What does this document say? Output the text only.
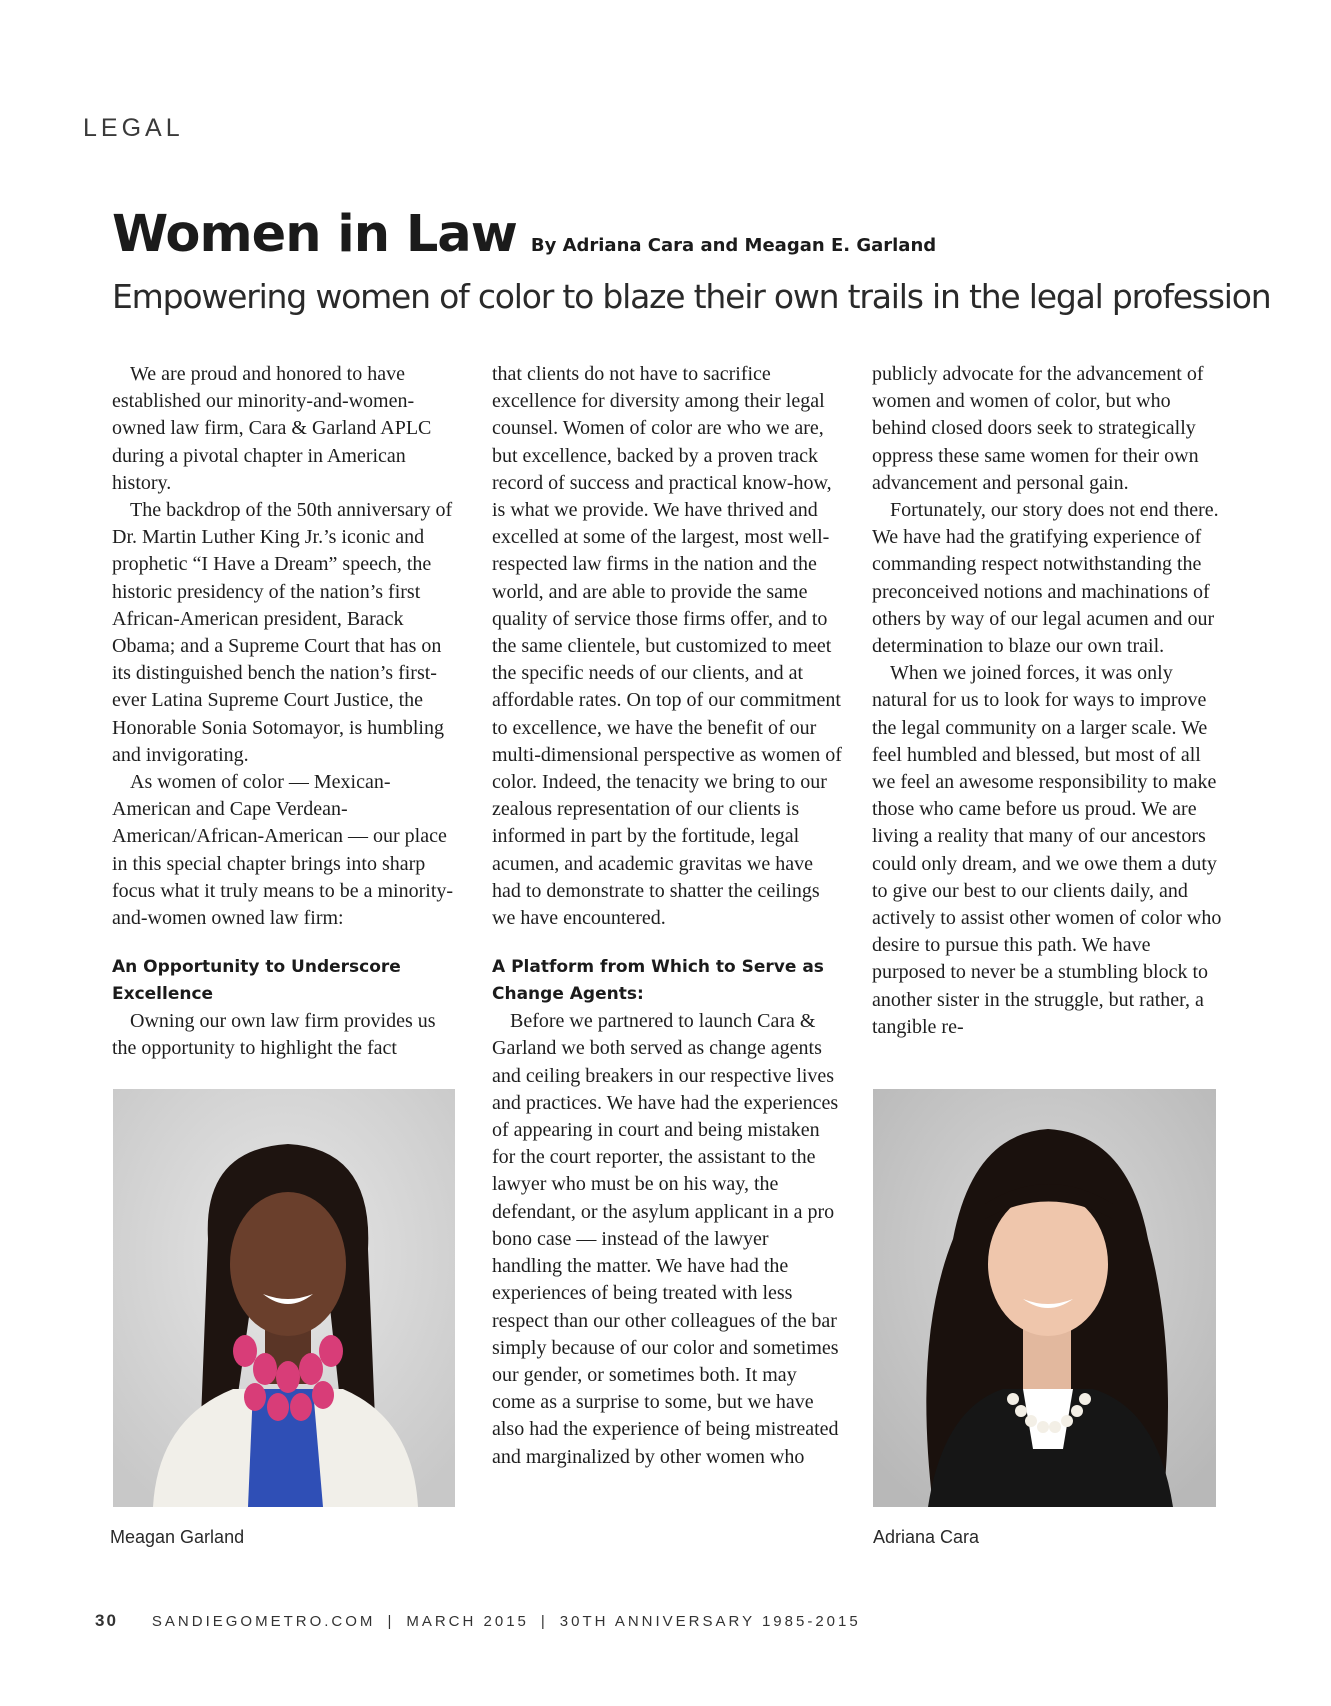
LEGAL
Women in Law By Adriana Cara and Meagan E. Garland
Empowering women of color to blaze their own trails in the legal profession

We are proud and honored to have established our minority-and-women-owned law firm, Cara & Garland APLC during a pivotal chapter in American history.

The backdrop of the 50th anniversary of Dr. Martin Luther King Jr.’s iconic and prophetic “I Have a Dream” speech, the historic presidency of the nation’s first African-American president, Barack Obama; and a Supreme Court that has on its distinguished bench the nation’s first-ever Latina Supreme Court Justice, the Honorable Sonia Sotomayor, is humbling and invigorating.

As women of color — Mexican-American and Cape Verdean-American/African-American — our place in this special chapter brings into sharp focus what it truly means to be a minority-and-women owned law firm:

An Opportunity to Underscore Excellence

Owning our own law firm provides us the opportunity to highlight the fact

that clients do not have to sacrifice excellence for diversity among their legal counsel. Women of color are who we are, but excellence, backed by a proven track record of success and practical know-how, is what we provide. We have thrived and excelled at some of the largest, most well-respected law firms in the nation and the world, and are able to provide the same quality of service those firms offer, and to the same clientele, but customized to meet the specific needs of our clients, and at affordable rates. On top of our commitment to excellence, we have the benefit of our multi-dimensional perspective as women of color. Indeed, the tenacity we bring to our zealous representation of our clients is informed in part by the fortitude, legal acumen, and academic gravitas we have had to demonstrate to shatter the ceilings we have encountered.

A Platform from Which to Serve as Change Agents:

Before we partnered to launch Cara & Garland we both served as change agents and ceiling breakers in our respective lives and practices. We have had the experiences of appearing in court and being mistaken for the court reporter, the assistant to the lawyer who must be on his way, the defendant, or the asylum applicant in a pro bono case — instead of the lawyer handling the matter. We have had the experiences of being treated with less respect than our other colleagues of the bar simply because of our color and sometimes our gender, or sometimes both. It may come as a surprise to some, but we have also had the experience of being mistreated and marginalized by other women who

publicly advocate for the advancement of women and women of color, but who behind closed doors seek to strategically oppress these same women for their own advancement and personal gain.

Fortunately, our story does not end there. We have had the gratifying experience of commanding respect notwithstanding the preconceived notions and machinations of others by way of our legal acumen and our determination to blaze our own trail.

When we joined forces, it was only natural for us to look for ways to improve the legal community on a larger scale. We feel humbled and blessed, but most of all we feel an awesome responsibility to make those who came before us proud. We are living a reality that many of our ancestors could only dream, and we owe them a duty to give our best to our clients daily, and actively to assist other women of color who desire to pursue this path. We have purposed to never be a stumbling block to another sister in the struggle, but rather, a tangible re-

Meagan Garland	Adriana Cara
30 SANDIEGOMETRO.COM | MARCH 2015 | 30TH ANNIVERSARY 1985-2015
